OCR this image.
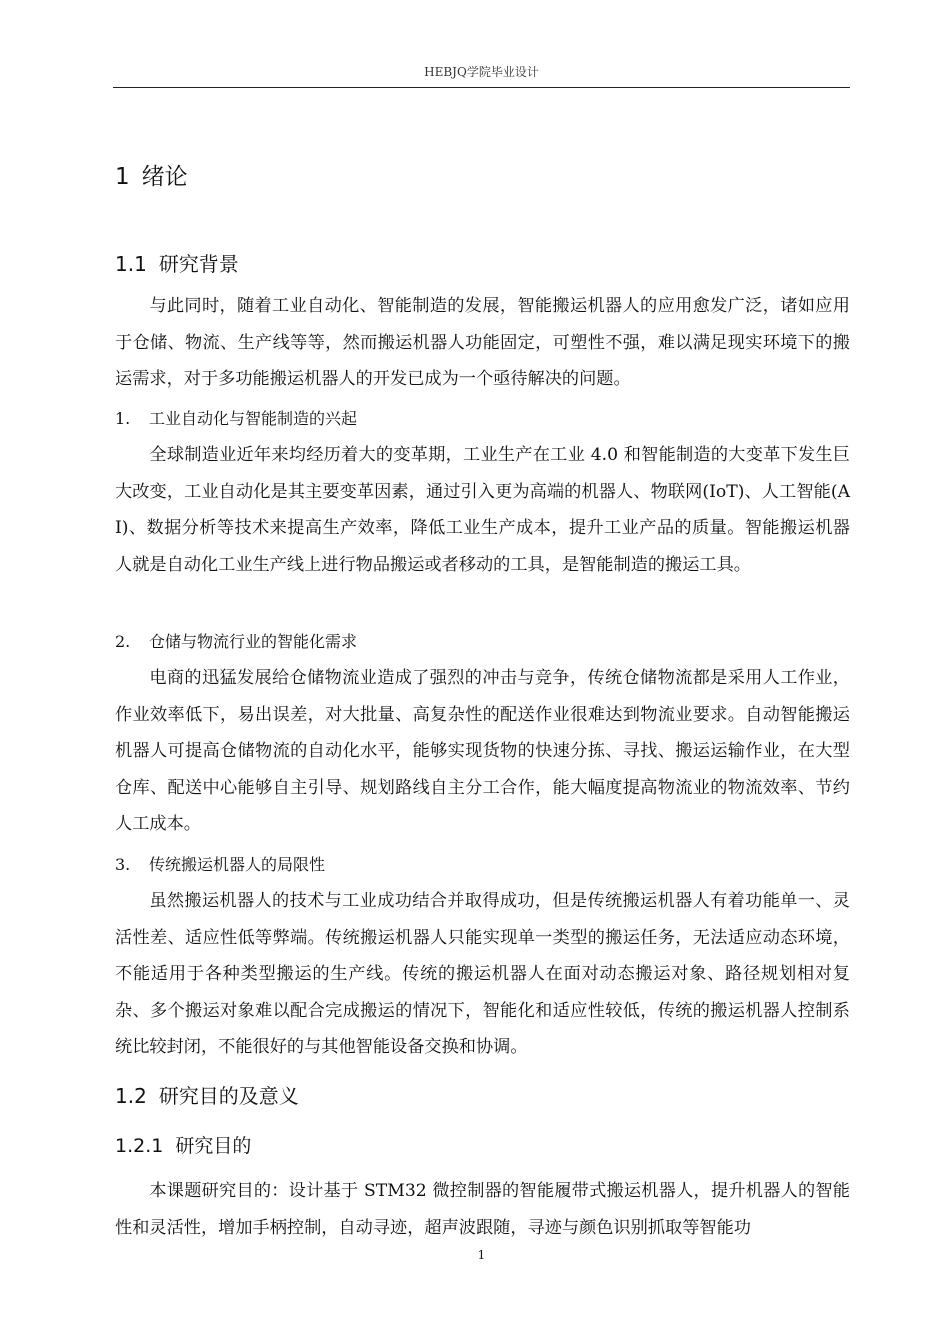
HEBJQ学院毕业设计
1 绪论
1.1 研究背景

与此同时，随着工业自动化、智能制造的发展，智能搬运机器人的应用愈发广泛，诸如应用于仓储、物流、生产线等等，然而搬运机器人功能固定，可塑性不强，难以满足现实环境下的搬运需求，对于多功能搬运机器人的开发已成为一个亟待解决的问题。

1. 工业自动化与智能制造的兴起

全球制造业近年来均经历着大的变革期，工业生产在工业 4.0 和智能制造的大变革下发生巨大改变，工业自动化是其主要变革因素，通过引入更为高端的机器人、物联网(IoT)、人工智能(AI)、数据分析等技术来提高生产效率，降低工业生产成本，提升工业产品的质量。智能搬运机器人就是自动化工业生产线上进行物品搬运或者移动的工具，是智能制造的搬运工具。

2. 仓储与物流行业的智能化需求

电商的迅猛发展给仓储物流业造成了强烈的冲击与竞争，传统仓储物流都是采用人工作业，作业效率低下，易出误差，对大批量、高复杂性的配送作业很难达到物流业要求。自动智能搬运机器人可提高仓储物流的自动化水平，能够实现货物的快速分拣、寻找、搬运运输作业，在大型仓库、配送中心能够自主引导、规划路线自主分工合作，能大幅度提高物流业的物流效率、节约人工成本。

3. 传统搬运机器人的局限性

虽然搬运机器人的技术与工业成功结合并取得成功，但是传统搬运机器人有着功能单一、灵活性差、适应性低等弊端。传统搬运机器人只能实现单一类型的搬运任务，无法适应动态环境，不能适用于各种类型搬运的生产线。传统的搬运机器人在面对动态搬运对象、路径规划相对复杂、多个搬运对象难以配合完成搬运的情况下，智能化和适应性较低，传统的搬运机器人控制系统比较封闭，不能很好的与其他智能设备交换和协调。

1.2 研究目的及意义
1.2.1 研究目的

本课题研究目的：设计基于 STM32 微控制器的智能履带式搬运机器人，提升机器人的智能性和灵活性，增加手柄控制，自动寻迹，超声波跟随，寻迹与颜色识别抓取等智能功

1
